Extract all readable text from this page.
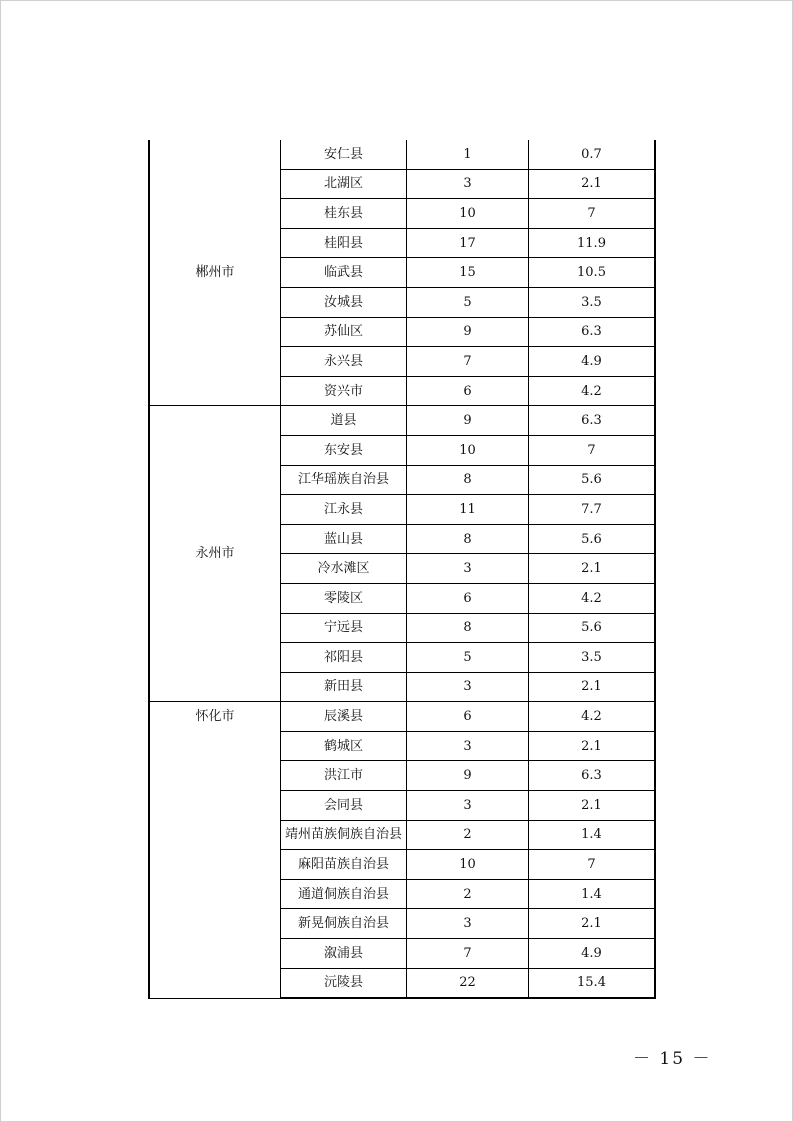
郴州市	安仁县	1	0.7
	北湖区	3	2.1
	桂东县	10	7
	桂阳县	17	11.9
	临武县	15	10.5
	汝城县	5	3.5
	苏仙区	9	6.3
	永兴县	7	4.9
	资兴市	6	4.2
永州市	道县	9	6.3
	东安县	10	7
	江华瑶族自治县	8	5.6
	江永县	11	7.7
	蓝山县	8	5.6
	冷水滩区	3	2.1
	零陵区	6	4.2
	宁远县	8	5.6
	祁阳县	5	3.5
	新田县	3	2.1
怀化市	辰溪县	6	4.2
	鹤城区	3	2.1
	洪江市	9	6.3
	会同县	3	2.1
	靖州苗族侗族自治县	2	1.4
	麻阳苗族自治县	10	7
	通道侗族自治县	2	1.4
	新晃侗族自治县	3	2.1
	溆浦县	7	4.9
	沅陵县	22	15.4
－ 15 －
